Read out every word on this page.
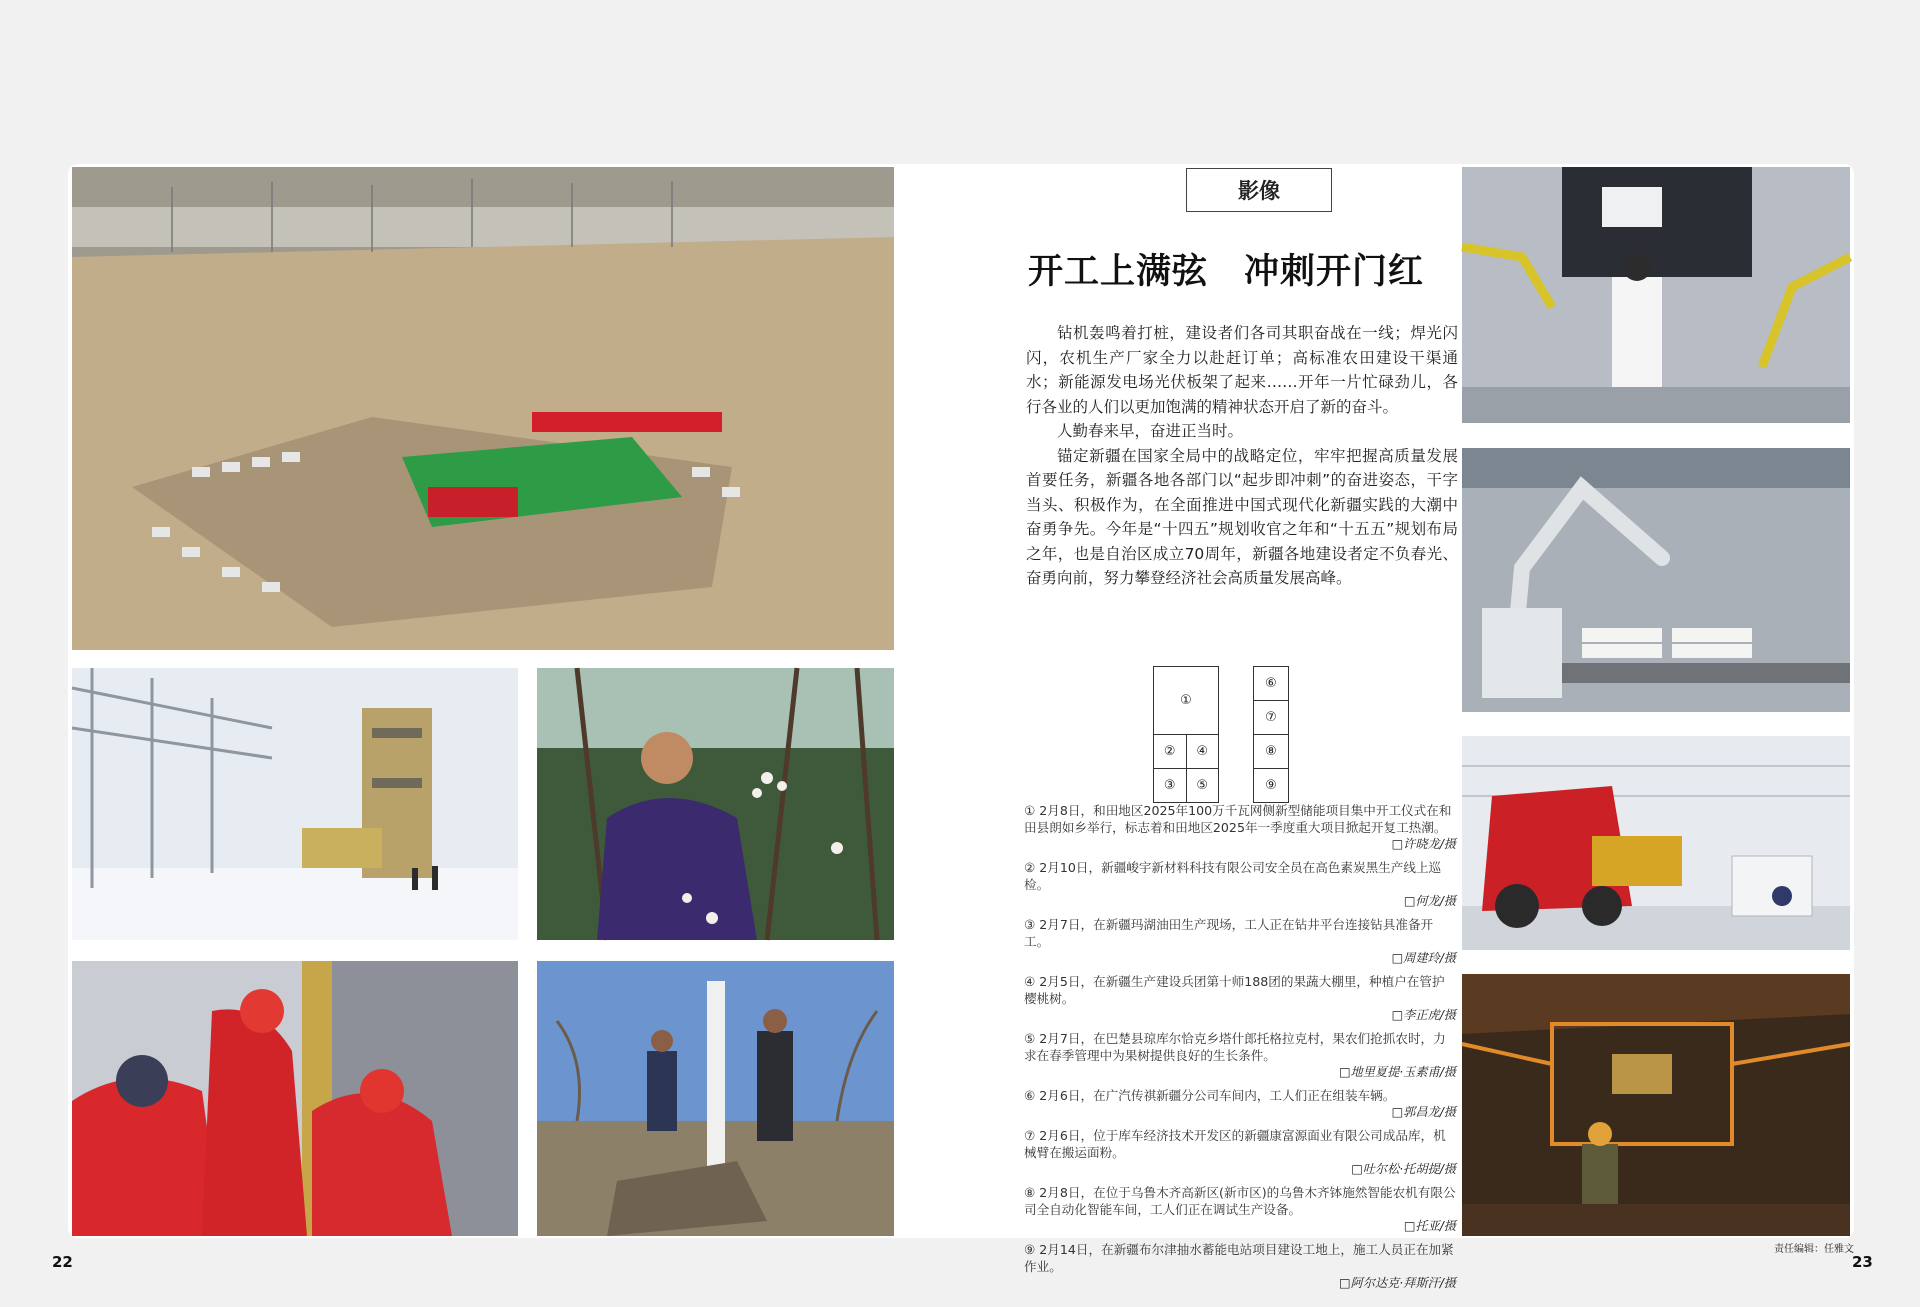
影像
开工上满弦 冲刺开门红

钻机轰鸣着打桩，建设者们各司其职奋战在一线；焊光闪闪，农机生产厂家全力以赴赶订单；高标准农田建设干渠通水；新能源发电场光伏板架了起来……开年一片忙碌劲儿，各行各业的人们以更加饱满的精神状态开启了新的奋斗。

人勤春来早，奋进正当时。

锚定新疆在国家全局中的战略定位，牢牢把握高质量发展首要任务，新疆各地各部门以“起步即冲刺”的奋进姿态，干字当头、积极作为，在全面推进中国式现代化新疆实践的大潮中奋勇争先。今年是“十四五”规划收官之年和“十五五”规划布局之年，也是自治区成立70周年，新疆各地建设者定不负春光、奋勇向前，努力攀登经济社会高质量发展高峰。

①			⑥
			⑦
②	④		⑧
③	⑤		⑨
① 2月8日，和田地区2025年100万千瓦网侧新型储能项目集中开工仪式在和田县朗如乡举行，标志着和田地区2025年一季度重大项目掀起开复工热潮。
□许晓龙/摄
② 2月10日，新疆峻宇新材料科技有限公司安全员在高色素炭黑生产线上巡检。
□何龙/摄
③ 2月7日，在新疆玛湖油田生产现场，工人正在钻井平台连接钻具准备开工。
□周建玲/摄
④ 2月5日，在新疆生产建设兵团第十师188团的果蔬大棚里，种植户在管护樱桃树。
□李正虎/摄
⑤ 2月7日，在巴楚县琼库尔恰克乡塔什郎托格拉克村，果农们抢抓农时，力求在春季管理中为果树提供良好的生长条件。
□地里夏提·玉素甫/摄
⑥ 2月6日，在广汽传祺新疆分公司车间内，工人们正在组装车辆。
□郭昌龙/摄
⑦ 2月6日，位于库车经济技术开发区的新疆康富源面业有限公司成品库，机械臂在搬运面粉。
□吐尔松·托胡提/摄
⑧ 2月8日，在位于乌鲁木齐高新区(新市区)的乌鲁木齐钵施然智能农机有限公司全自动化智能车间，工人们正在调试生产设备。
□托亚/摄
⑨ 2月14日，在新疆布尔津抽水蓄能电站项目建设工地上，施工人员正在加紧作业。
□阿尔达克·拜斯汗/摄
22	23
责任编辑：任雅文
